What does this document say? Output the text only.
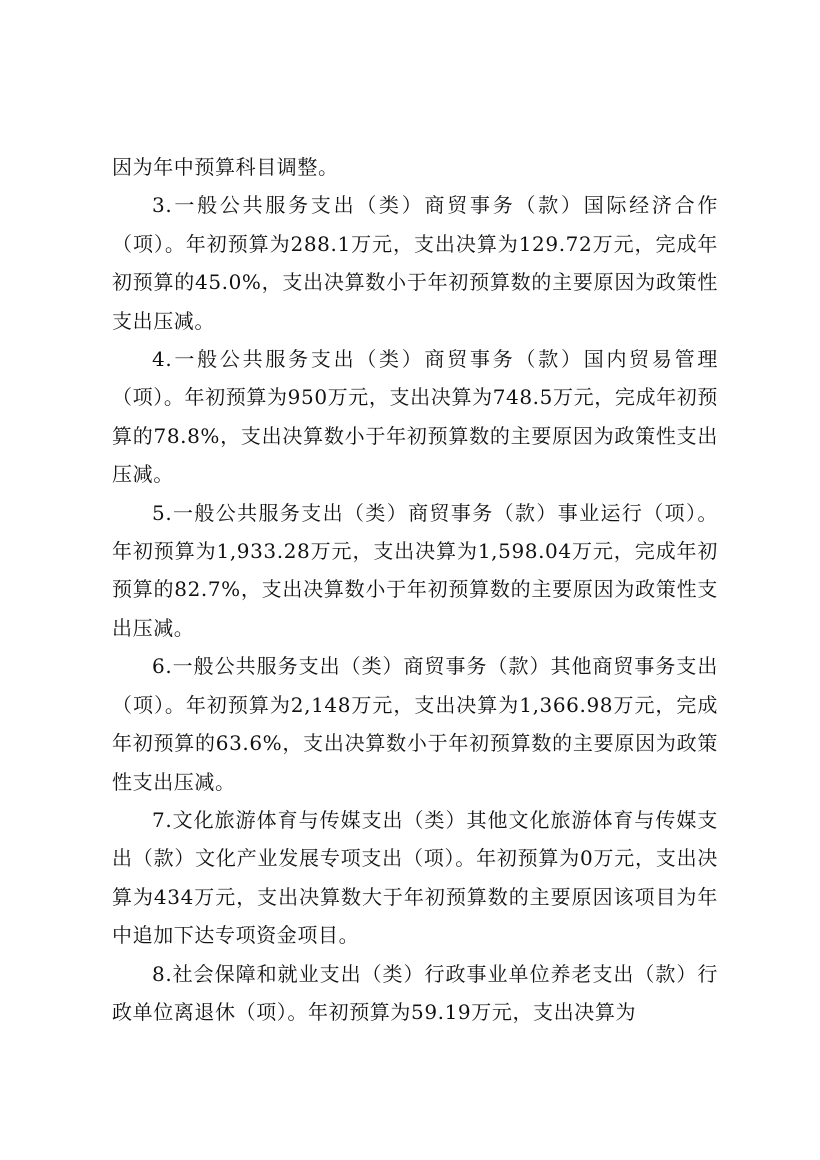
因为年中预算科目调整。

3.一般公共服务支出（类）商贸事务（款）国际经济合作（项）。年初预算为288.1万元，支出决算为129.72万元，完成年初预算的45.0%，支出决算数小于年初预算数的主要原因为政策性支出压减。

4.一般公共服务支出（类）商贸事务（款）国内贸易管理（项）。年初预算为950万元，支出决算为748.5万元，完成年初预算的78.8%，支出决算数小于年初预算数的主要原因为政策性支出压减。

5.一般公共服务支出（类）商贸事务（款）事业运行（项）。年初预算为1,933.28万元，支出决算为1,598.04万元，完成年初预算的82.7%，支出决算数小于年初预算数的主要原因为政策性支出压减。

6.一般公共服务支出（类）商贸事务（款）其他商贸事务支出（项）。年初预算为2,148万元，支出决算为1,366.98万元，完成年初预算的63.6%，支出决算数小于年初预算数的主要原因为政策性支出压减。

7.文化旅游体育与传媒支出（类）其他文化旅游体育与传媒支出（款）文化产业发展专项支出（项）。年初预算为0万元，支出决算为434万元，支出决算数大于年初预算数的主要原因该项目为年中追加下达专项资金项目。

8.社会保障和就业支出（类）行政事业单位养老支出（款）行政单位离退休（项）。年初预算为59.19万元，支出决算为
